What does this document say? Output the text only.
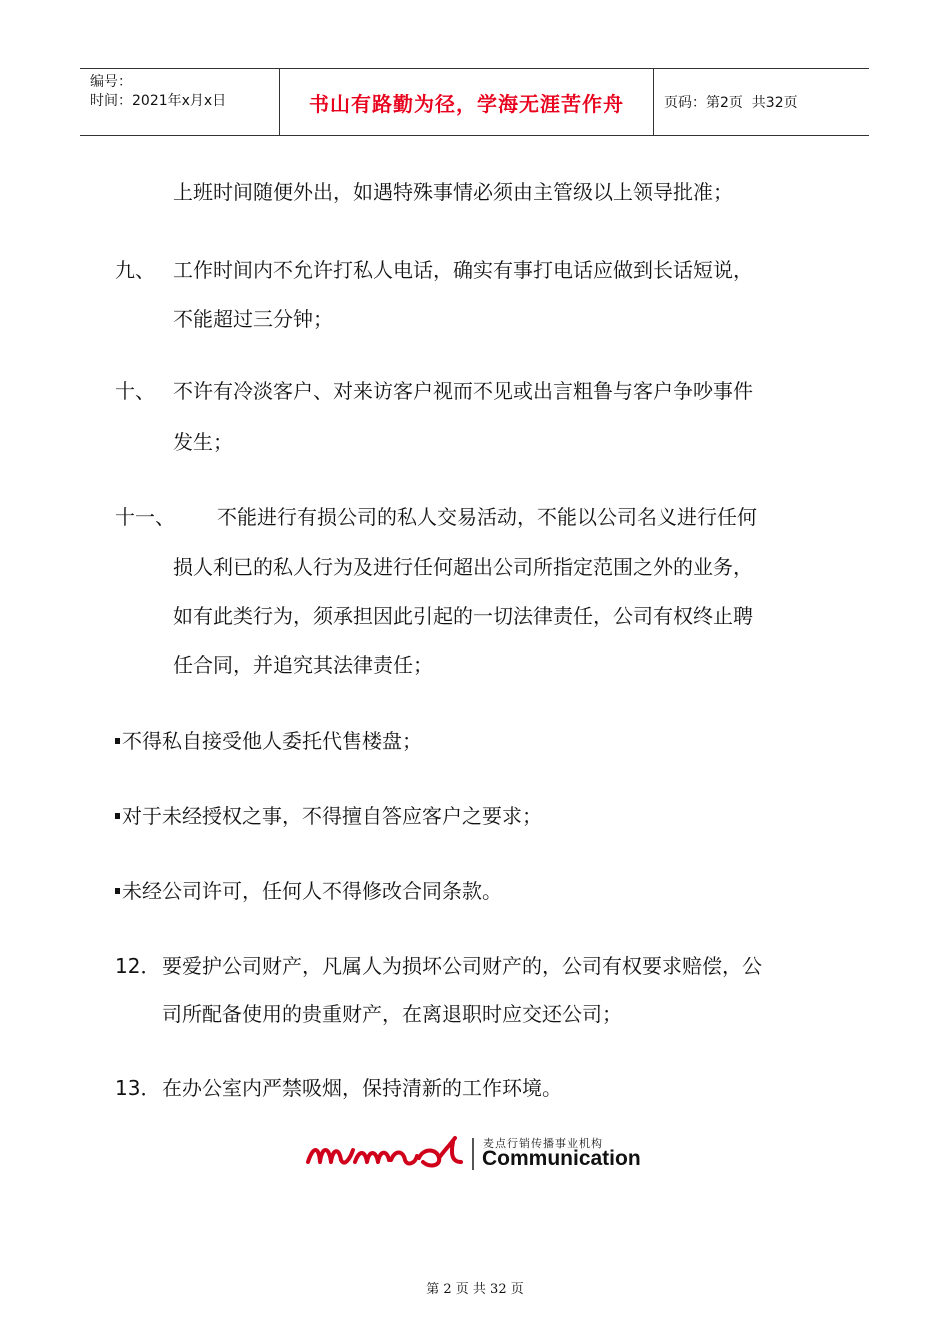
编号：
时间：2021年x月x日	书山有路勤为径，学海无涯苦作舟	页码：第2页  共32页
上班时间随便外出，如遇特殊事情必须由主管级以上领导批准；
九、 工作时间内不允许打私人电话，确实有事打电话应做到长话短说，
不能超过三分钟；
十、 不许有冷淡客户、对来访客户视而不见或出言粗鲁与客户争吵事件
发生；
十一、 不能进行有损公司的私人交易活动，不能以公司名义进行任何
损人利已的私人行为及进行任何超出公司所指定范围之外的业务，
如有此类行为，须承担因此引起的一切法律责任，公司有权终止聘
任合同，并追究其法律责任；
不得私自接受他人委托代售楼盘；
对于未经授权之事，不得擅自答应客户之要求；
未经公司许可，任何人不得修改合同条款。
12． 要爱护公司财产，凡属人为损坏公司财产的，公司有权要求赔偿，公
司所配备使用的贵重财产，在离退职时应交还公司；
13． 在办公室内严禁吸烟，保持清新的工作环境。
麦点行销传播事业机构
Communication
第 2 页 共 32 页
